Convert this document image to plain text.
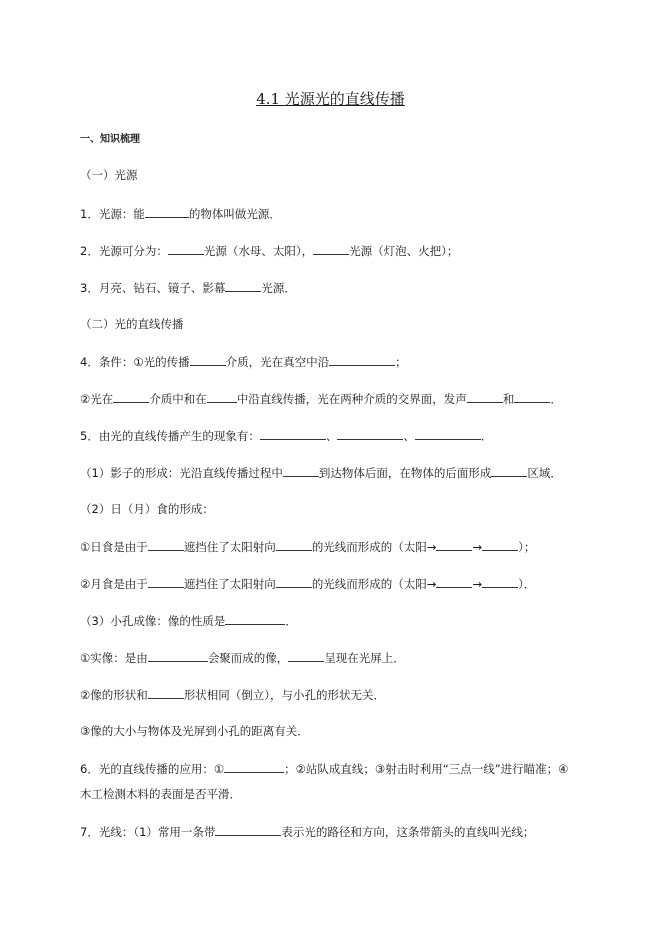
4.1 光源光的直线传播
一、知识梳理
（一）光源
1．光源：能	的物体叫做光源．
2．光源可分为：	光源（水母、太阳），	光源（灯泡、火把）；
3．月亮、钻石、镜子、影幕	光源．
（二）光的直线传播
4．条件：①光的传播	介质，光在真空中沿	；
②光在	介质中和在	中沿直线传播，光在两种介质的交界面，发声	和	．
5．由光的直线传播产生的现象有：	、	、	．
（1）影子的形成：光沿直线传播过程中	到达物体后面，在物体的后面形成	区域．
（2）日（月）食的形成：
①日食是由于	遮挡住了太阳射向	的光线而形成的（太阳→	→	）；
②月食是由于	遮挡住了太阳射向	的光线而形成的（太阳→	→	）．
（3）小孔成像：像的性质是	．
①实像：是由	会聚而成的像，	呈现在光屏上．
②像的形状和	形状相同（倒立），与小孔的形状无关．
③像的大小与物体及光屏到小孔的距离有关．
6．光的直线传播的应用：①	；②站队成直线；③射击时利用“三点一线”进行瞄准；④
木工检测木料的表面是否平滑．
7．光线：（1）常用一条带	表示光的路径和方向，这条带箭头的直线叫光线；
